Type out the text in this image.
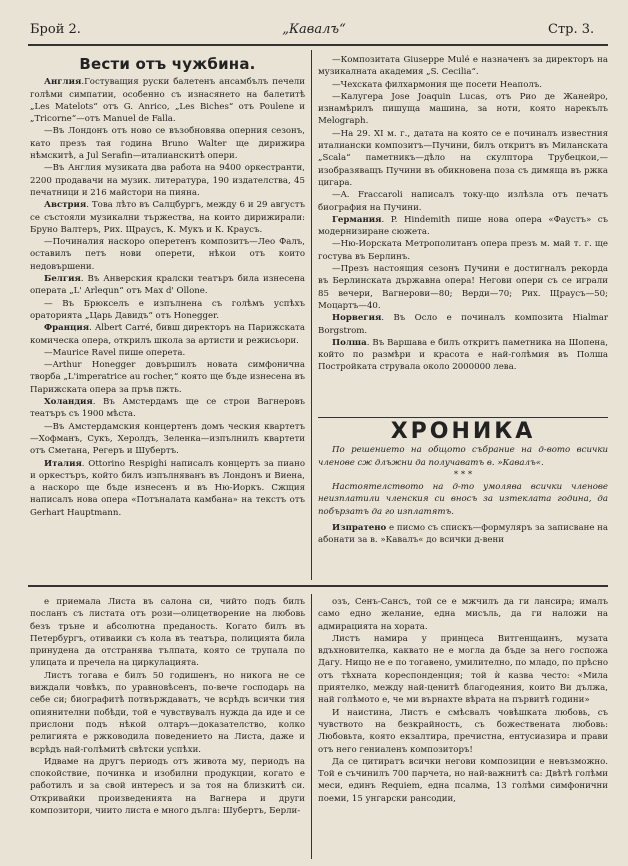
Брой 2.	„Кавалъ“	Стр. 3.
Вести отъ чужбина.

Англия.Гостуващия руски балетенъ ансамбълъ печели голѣми симпатии, особенно съ изнасянето на балетитѣ „Les Matelots“ отъ G. Anrico, „Les Biches“ отъ Poulene и „Tricorne“—отъ Manuel de Falla.

—Въ Лондонъ отъ ново се възобновява оперния сезонъ, като презъ тая година Bruno Walter ще дирижира нѣмскитѣ, а Jul Serafin—италианскитѣ опери.

—Въ Англия музиката два работа на 9400 оркестранти, 2200 продавачи на музик. литература, 190 издателства, 45 печатници и 216 майстори на пияна.

Австрия. Това лѣто въ Салцбургъ, между 6 и 29 августъ се състояли музикални тържества, на които дирижирали: Бруно Валтеръ, Рих. Щраусъ, К. Мукъ и К. Краусъ.

—Починалия наскоро оперетенъ композитъ—Лео Фалъ, оставилъ петъ нови оперети, нѣкои отъ които недовършени.

Белгия. Въ Анверския кралски театъръ била изнесена операта „L' Arlequn“ отъ Max d' Ollone.

— Въ Брюкселъ е изпълнена съ голѣмъ успѣхъ ораторията „Царь Давидъ“ отъ Honegger.

Франция. Albert Carré, бивш директоръ на Парижската комическа опера, открилъ школа за артисти и режисьори.

—Maurice Ravel пише оперета.

—Arthur Honegger довършилъ новата симфонична творба „L'imperatrice au rocher,“ която ще бъде изнесена въ Парижската опера за пръв пжть.

Холандия. Въ Амстердамъ ще се строи Вагнеровъ театъръ съ 1900 мѣста.

—Въ Амстердамския концертенъ домъ ческия квартетъ—Хофманъ, Сукъ, Херолдъ, Зеленка—изпълнилъ квартети отъ Сметана, Регеръ и Шубертъ.

Италия. Ottorino Respighi написалъ концертъ за пиано и оркестъръ, който билъ изпълняванъ въ Лондонъ и Виена, а наскоро ще бъде изнесенъ и въ Ню-Иоркъ. Сжщия написалъ нова опера «Потъналата камбана» на текстъ отъ Gerhart Hauptmann.

—Композитата Giuseppe Mulé е назначенъ за директоръ на музикалната академия „S. Cecilia“.

—Чехската филхармония ще посети Неаполъ.

—Калугера Jose Joaquin Lucas, отъ Рио де Жанейро, изнамѣрилъ пишуща машина, за ноти, която нарекълъ Melograph.

—На 29. XI м. г., датата на която се е починалъ известния италиански композитъ—Пучини, билъ откритъ въ Миланската „Scala“ паметникъ—дѣло на скулптора Трубецкои,—изобразяващъ Пучини въ обикновена поза съ димяща въ ржка цигара.

—A. Fraccaroli написалъ току-що излѣзла отъ печатъ биография на Пучини.

Германия. P. Hindemith пише нова опера «Фаустъ» съ модернизиране сюжета.

—Ню-Иорската Метрополитанъ опера презъ м. май т. г. ще гостува въ Берлинъ.

—Презъ настоящия сезонъ Пучини е достигналъ рекорда въ Берлинската държавна опера! Негови опери съ се играли 85 вечери, Вагнерови—80; Верди—70; Рих. Щраусъ—50; Моцартъ—40.

Норвегия. Въ Осло е починалъ композита Hialmar Borgstrom.

Полша. Въ Варшава е билъ откритъ паметника на Шопена, който по размѣри и красота е най-голѣмия въ Полша Постройката струвала около 2000000 лева.

ХРОНИКА

По решението на общото събрание на д-вото всички членове сж длъжни да получаватъ в. »Кавалъ«.

* * *

Настоятелството на д-то умолява всички членове неизплатили членския си вносъ за изтеклата година, да побързатъ да го изплатятъ.

Изпратено е писмо съ спискъ—формуляръ за записване на абонати за в. »Кавалъ« до всички д-вени

е приемала Листа въ салона си, чийто подъ билъ посланъ съ листата отъ рози—олицетворение на любовь безъ тръне и абсолютна преданость. Когато билъ въ Петербургъ, отиваики съ кола въ театъра, полицията била принудена да отстранява тълпата, която се трупала по улицата и пречела на циркулацията.

Листъ тогава е билъ 50 годишенъ, но никога не се виждали човѣкъ, по уравновѣсенъ, по-вече господарь на себе си; биографитѣ потвърждаватъ, че всрѣдъ всички тия опиянителни побѣди, той е чувствувалъ нужда да иде и се прислони подъ нѣкой олтаръ—доказателство, колко религията е ржководила поведението на Листа, даже и всрѣдъ най-голѣмитѣ свѣтски успѣхи.

Идваме на другъ периодъ отъ живота му, периодъ на спокойствие, починка и изобилни продукции, когато е работилъ и за свой интересъ и за тоя на близкитѣ си. Откривайки произведенията на Вагнера и други композитори, чиито листа е много дълга: Шубертъ, Берли-

озъ, Сенъ-Сансъ, той се е мжчилъ да ги лансира; ималъ само едно желание, една мисъль, да ги наложи на адмирацията на хората.

Листъ намира у принцеса Витгенщаинъ, музата вдъхновителка, каквато не е могла да бъде за него госпожа Дагу. Нищо не е по тогавено, умилително, по младо, по прѣсно отъ тѣхната кореспонденция; той ѝ казва често: «Мила приятелко, между най-ценитѣ благодеяния, които Ви дължа, най голѣмото е, че ми върнахте вѣрата на първитѣ години»

И наистина, Листъ е смѣсвалъ човѣшката любовь, съ чувството на безкрайность, съ божествената любовь: Любовьта, която екзалтира, пречистна, ентусиазира и прави отъ него гениаленъ композиторъ!

Да се цитиратъ всички негови композиции е невъзможно. Той е съчинилъ 700 парчета, но най-важнитѣ са: Двѣтѣ голѣми меси, единъ Requiem, една псалма, 13 голѣми симфонични поеми, 15 унгарски рансодии,
